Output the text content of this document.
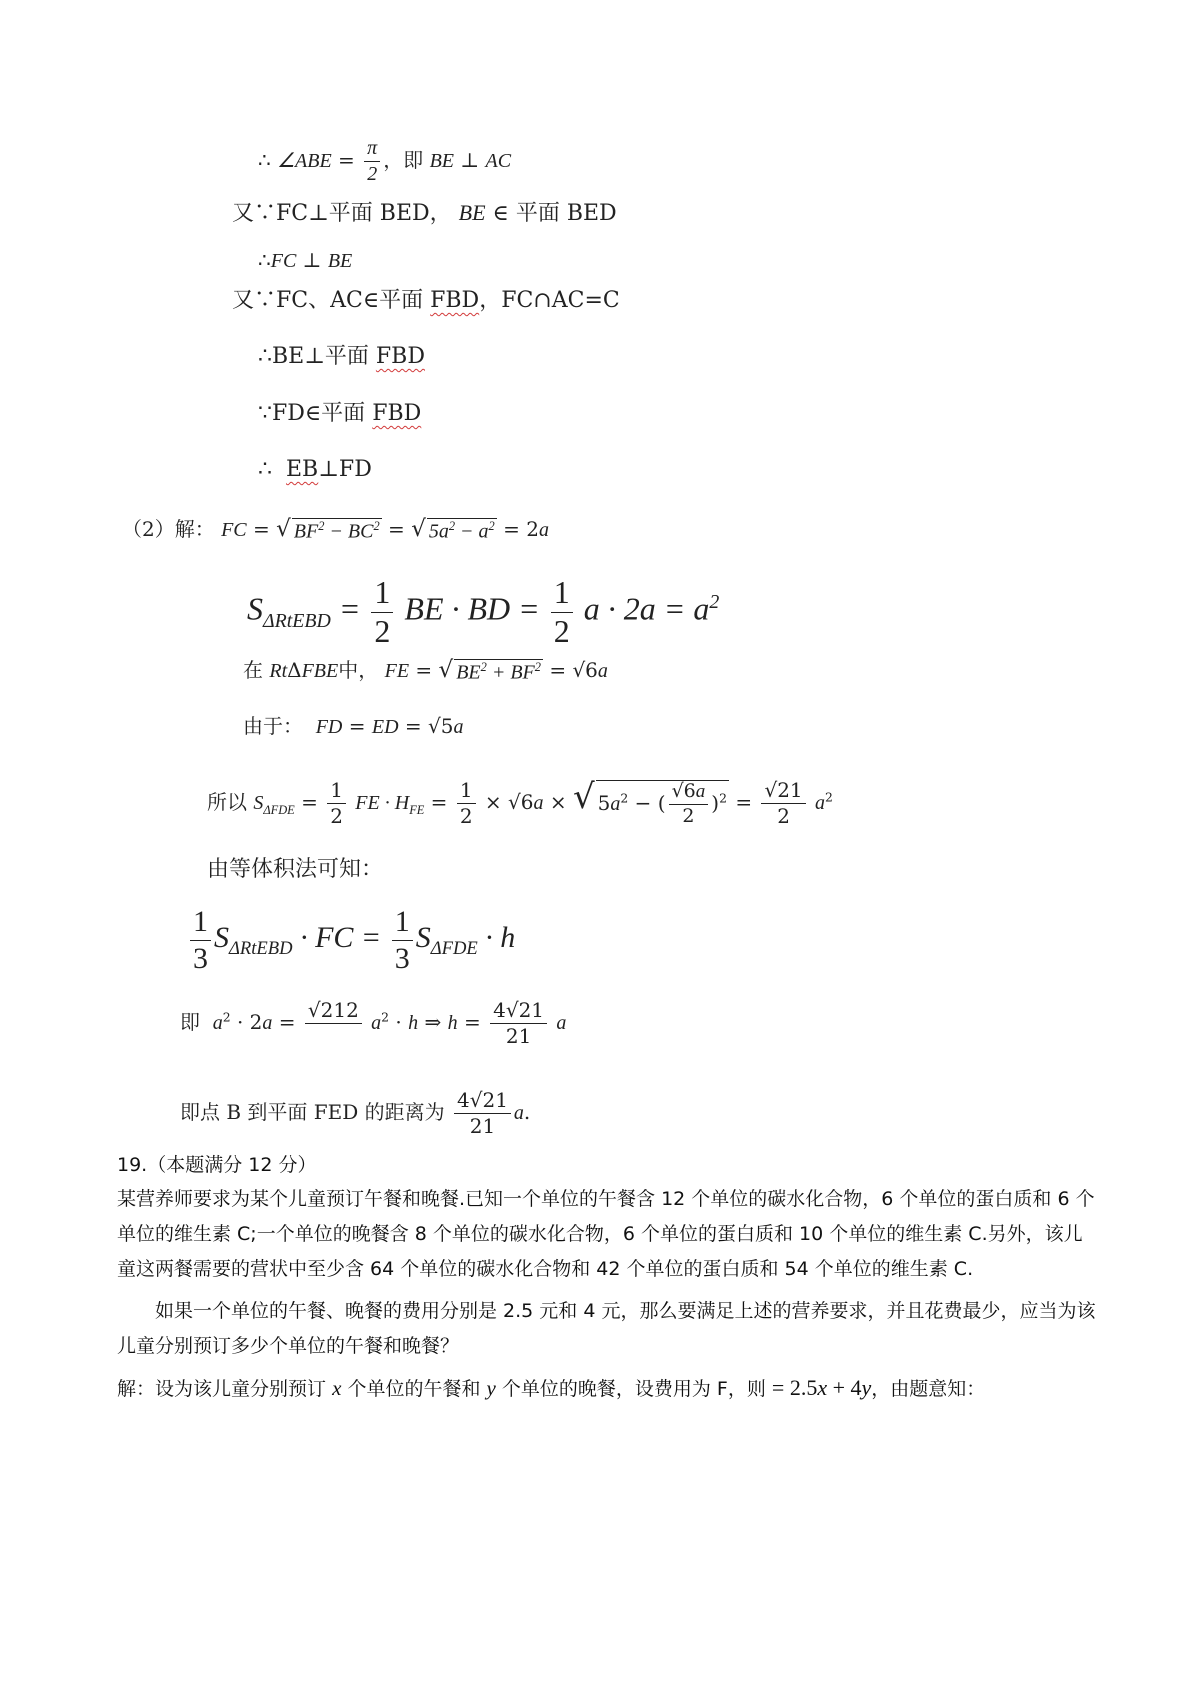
∴ ∠ABE = $\frac{\pi}{2}$ ，即 BE ⊥ AC
又∵FC⊥平面 BED， BE ∈ 平面 BED
∴FC ⊥ BE
又∵FC、AC∈平面 FBD，FC∩AC=C
∴BE⊥平面 FBD
∵FD∈平面 FBD
∴ EB⊥FD
（2）解： FC = √ $BF^2 - BC^2$ = √ $5a^2 - a^2 = 2a$
$S_{\Delta RtEBD} = \frac{1}{2}$ BE · BD = $\frac{1}{2}$ $a \cdot 2a = a^2$
在 RtΔFBE中， FE = √ $BE^2 + BF^2 = √6a$
由于： FD = ED = √5a
所以 $S_{\Delta FDE} = \frac{1}{2}$ FE · $H_{FE} = \frac{1}{2} \times √6a$ × √ $5a^2$ − ( $\frac{√6a}{2} )^2 = \frac{√21}{2} a^2$
由等体积法可知：
$\frac{1}{3} S_{\Delta RtEBD}$ · FC = $\frac{1}{3} S_{\Delta FDE} \cdot h$
即 $a^2 \cdot 2a = √212$

$a^2 \cdot h$ ⇒ $h = \frac{4√21}{21}$ a
即点 B 到平面 FED 的距离为 $\frac{4√21}{21} a$.
19.（本题满分 12 分）
某营养师要求为某个儿童预订午餐和晚餐.已知一个单位的午餐含 12 个单位的碳水化合物，6 个单位的蛋白质和 6 个单位的维生素 C;一个单位的晚餐含 8 个单位的碳水化合物，6 个单位的蛋白质和 10 个单位的维生素 C.另外，该儿童这两餐需要的营状中至少含 64 个单位的碳水化合物和 42 个单位的蛋白质和 54 个单位的维生素 C.
如果一个单位的午餐、晚餐的费用分别是 2.5 元和 4 元，那么要满足上述的营养要求，并且花费最少，应当为该儿童分别预订多少个单位的午餐和晚餐？
解：设为该儿童分别预订 x 个单位的午餐和 y 个单位的晚餐，设费用为 F，则 = 2.5x + 4y，由题意知：
